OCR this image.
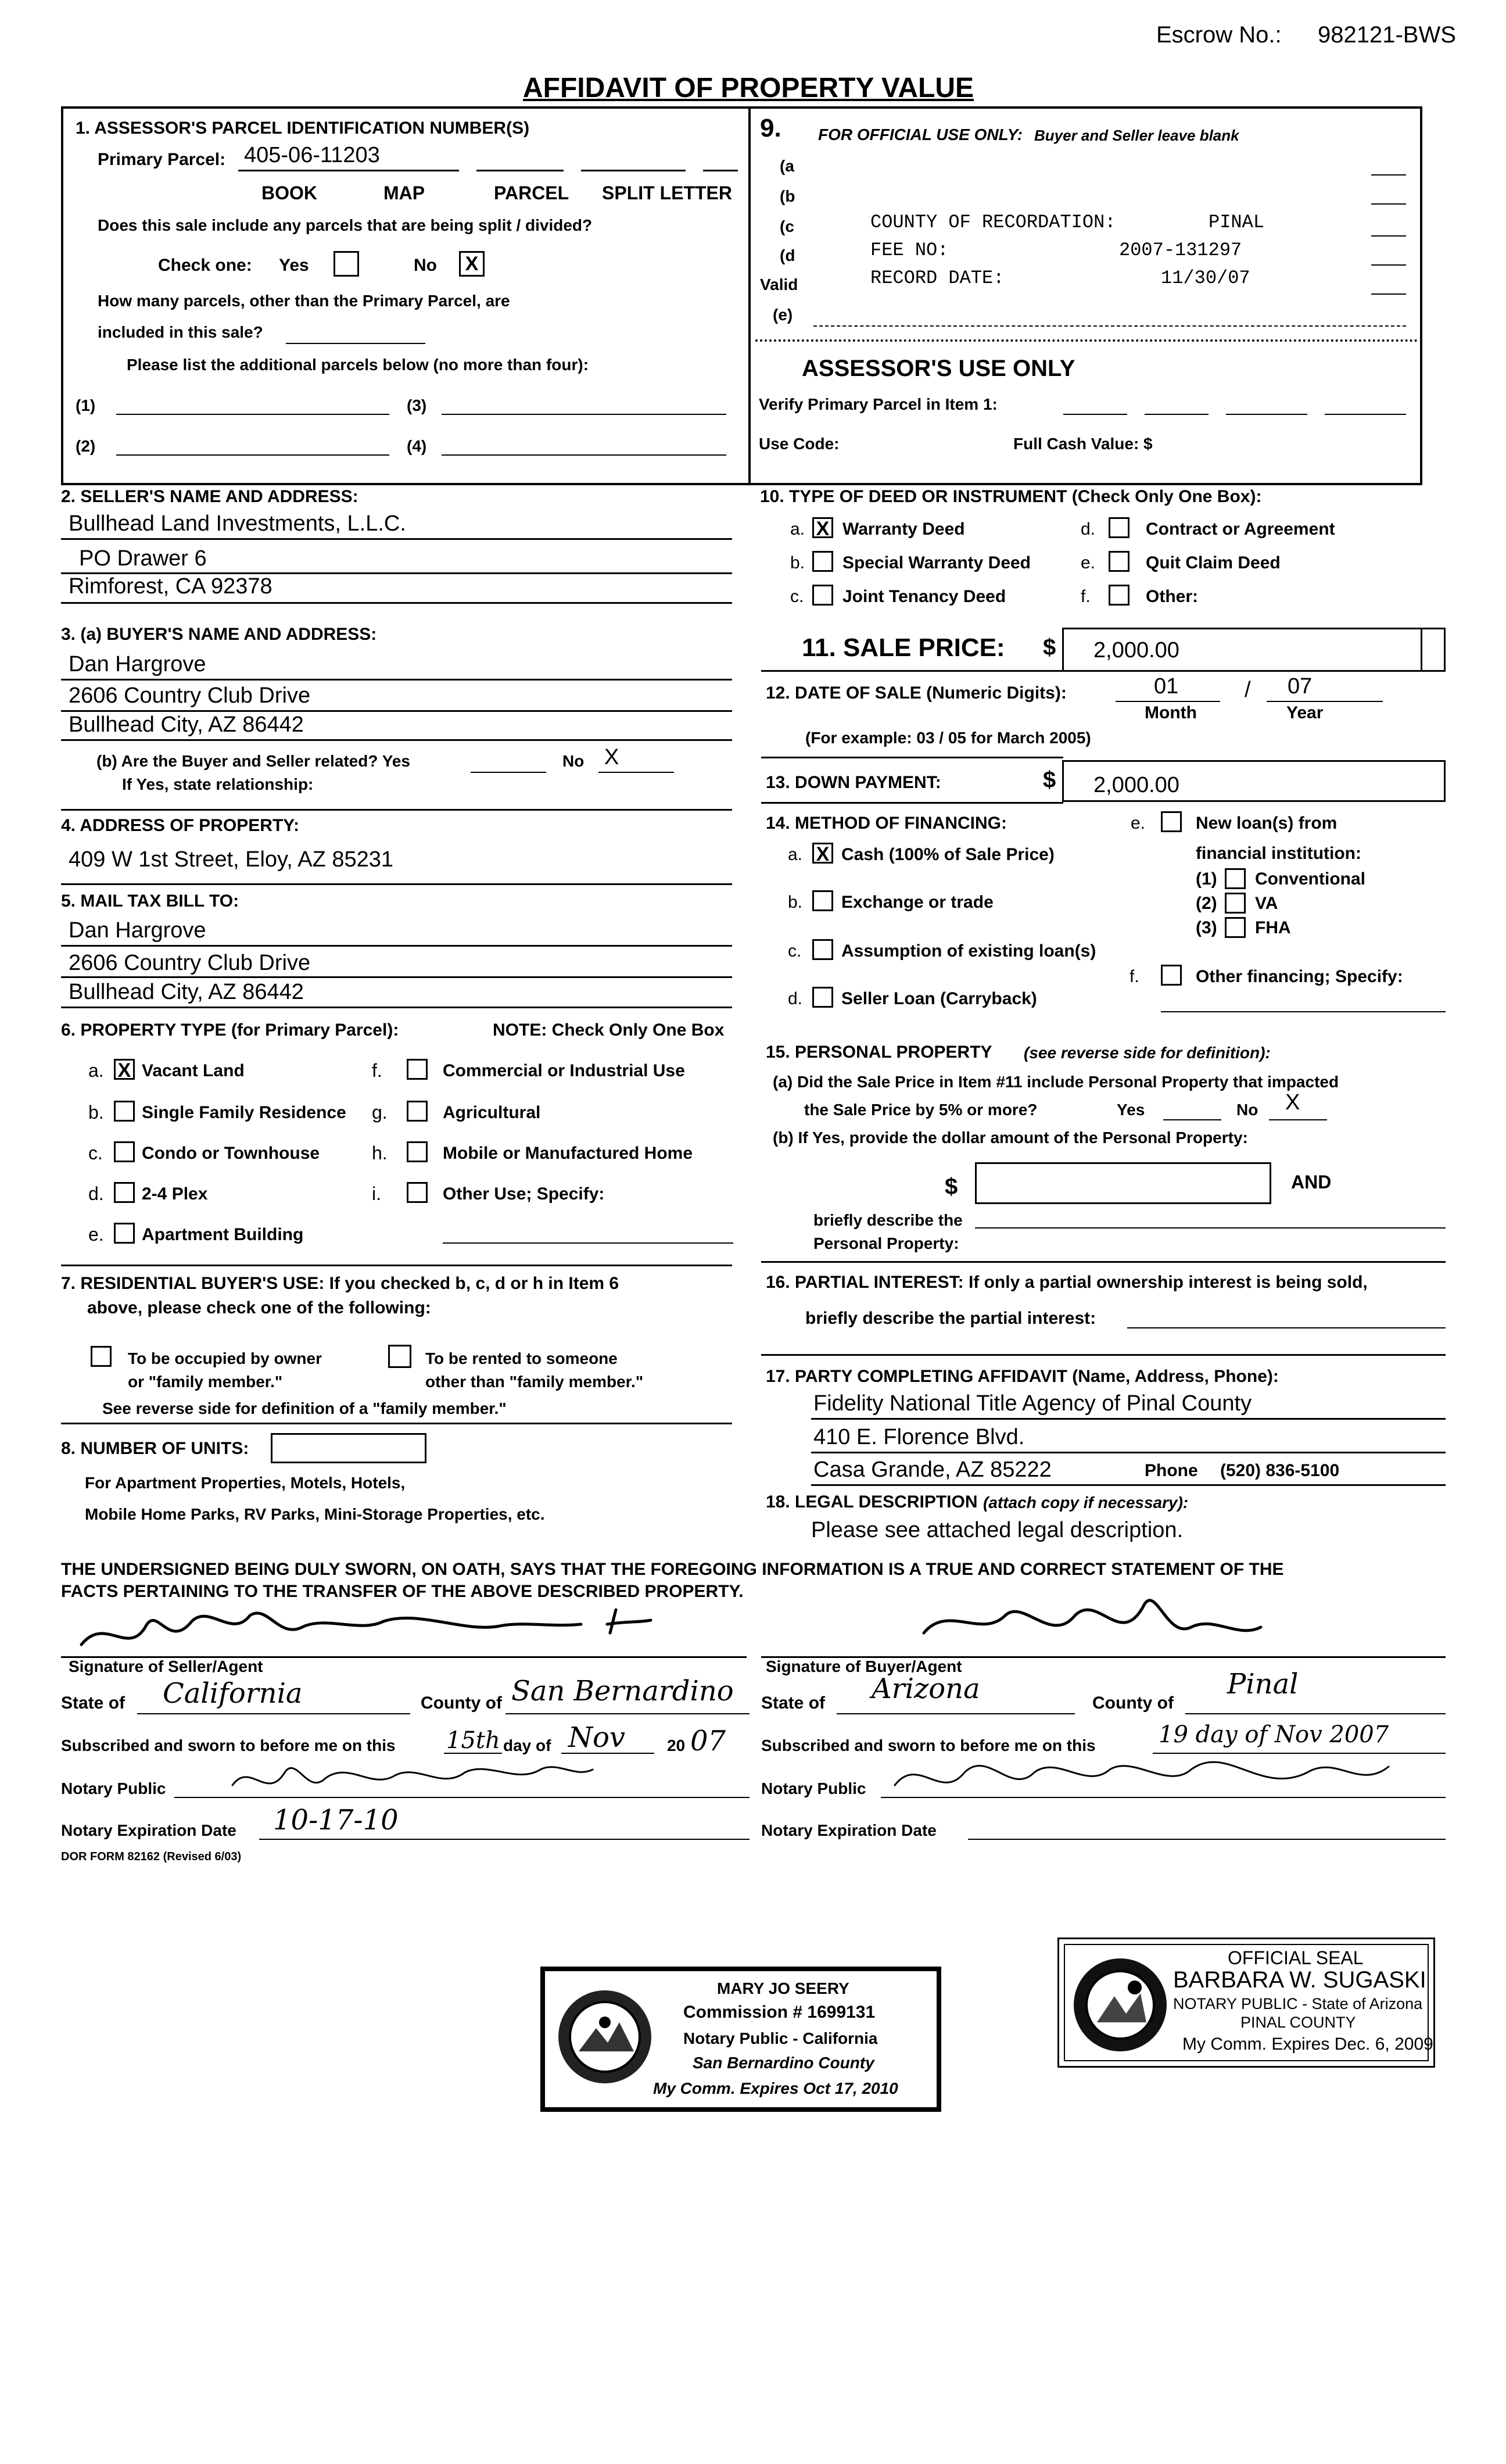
Escrow No.: 982121-BWS
AFFIDAVIT OF PROPERTY VALUE
1. ASSESSOR'S PARCEL IDENTIFICATION NUMBER(S)
Primary Parcel: 405-06-11203
BOOK	MAP	PARCEL SPLIT LETTER
Does this sale include any parcels that are being split / divided?
Check one: Yes	No	X
How many parcels, other than the Primary Parcel, are
included in this sale?
Please list the additional parcels below (no more than four):
(1)	(3)
(2)	(4)
9. FOR OFFICIAL USE ONLY: Buyer and Seller leave blank
(a
(b
(c
(d
Valid
(e)
COUNTY OF RECORDATION:	PINAL
FEE NO:	2007-131297
RECORD DATE:	11/30/07
ASSESSOR'S USE ONLY
Verify Primary Parcel in Item 1:
Use Code:	Full Cash Value: $
2. SELLER'S NAME AND ADDRESS:
Bullhead Land Investments, L.L.C.
PO Drawer 6
Rimforest, CA 92378
3. (a) BUYER'S NAME AND ADDRESS:
Dan Hargrove
2606 Country Club Drive
Bullhead City, AZ 86442
(b) Are the Buyer and Seller related? Yes	No X
If Yes, state relationship:
4. ADDRESS OF PROPERTY:
409 W 1st Street, Eloy, AZ 85231
5. MAIL TAX BILL TO:
Dan Hargrove
2606 Country Club Drive
Bullhead City, AZ 86442
6. PROPERTY TYPE (for Primary Parcel):	NOTE: Check Only One Box
a. X Vacant Land
b. Single Family Residence
c. Condo or Townhouse
d. 2-4 Plex
e. Apartment Building
f.	Commercial or Industrial Use
g.	Agricultural
h.	Mobile or Manufactured Home
i.	Other Use; Specify:
7. RESIDENTIAL BUYER'S USE: If you checked b, c, d or h in Item 6
above, please check one of the following:
To be occupied by owner
or "family member."
To be rented to someone
other than "family member."
See reverse side for definition of a "family member."
8. NUMBER OF UNITS:
For Apartment Properties, Motels, Hotels,
Mobile Home Parks, RV Parks, Mini-Storage Properties, etc.
10. TYPE OF DEED OR INSTRUMENT (Check Only One Box):
a. X Warranty Deed
b. Special Warranty Deed
c. Joint Tenancy Deed
d.	Contract or Agreement
e.	Quit Claim Deed
f.	Other:
11. SALE PRICE: $ 2,000.00
12. DATE OF SALE (Numeric Digits):	01	/ 07
Month	Year
(For example: 03 / 05 for March 2005)
13. DOWN PAYMENT:	$ 2,000.00
14. METHOD OF FINANCING:
a. X Cash (100% of Sale Price)
b. Exchange or trade
c. Assumption of existing loan(s)
d. Seller Loan (Carryback)
e.	New loan(s) from
financial institution:
(1) Conventional
(2) VA
(3) FHA
f.	Other financing; Specify:
15. PERSONAL PROPERTY (see reverse side for definition):
(a) Did the Sale Price in Item #11 include Personal Property that impacted
the Sale Price by 5% or more?	Yes	No X
(b) If Yes, provide the dollar amount of the Personal Property:
$	AND
briefly describe the
Personal Property:
16. PARTIAL INTEREST: If only a partial ownership interest is being sold,
briefly describe the partial interest:
17. PARTY COMPLETING AFFIDAVIT (Name, Address, Phone):
Fidelity National Title Agency of Pinal County
410 E. Florence Blvd.
Casa Grande, AZ 85222	Phone (520) 836-5100
18. LEGAL DESCRIPTION (attach copy if necessary):
Please see attached legal description.
THE UNDERSIGNED BEING DULY SWORN, ON OATH, SAYS THAT THE FOREGOING INFORMATION IS A TRUE AND CORRECT STATEMENT OF THE
FACTS PERTAINING TO THE TRANSFER OF THE ABOVE DESCRIBED PROPERTY.
Signature of Seller/Agent
State of California	County of San Bernardino
Subscribed and sworn to before me on this 15th day of Nov	20 07
Notary Public
Notary Expiration Date 10-17-10
DOR FORM 82162 (Revised 6/03)
Signature of Buyer/Agent
State of Arizona	County of
Pinal
Subscribed and sworn to before me on this	19 day of Nov 2007
Notary Public
Notary Expiration Date
MARY JO SEERY
Commission # 1699131
Notary Public - California
San Bernardino County
My Comm. Expires Oct 17, 2010
OFFICIAL SEAL
BARBARA W. SUGASKI
NOTARY PUBLIC - State of Arizona
PINAL COUNTY
My Comm. Expires Dec. 6, 2009
